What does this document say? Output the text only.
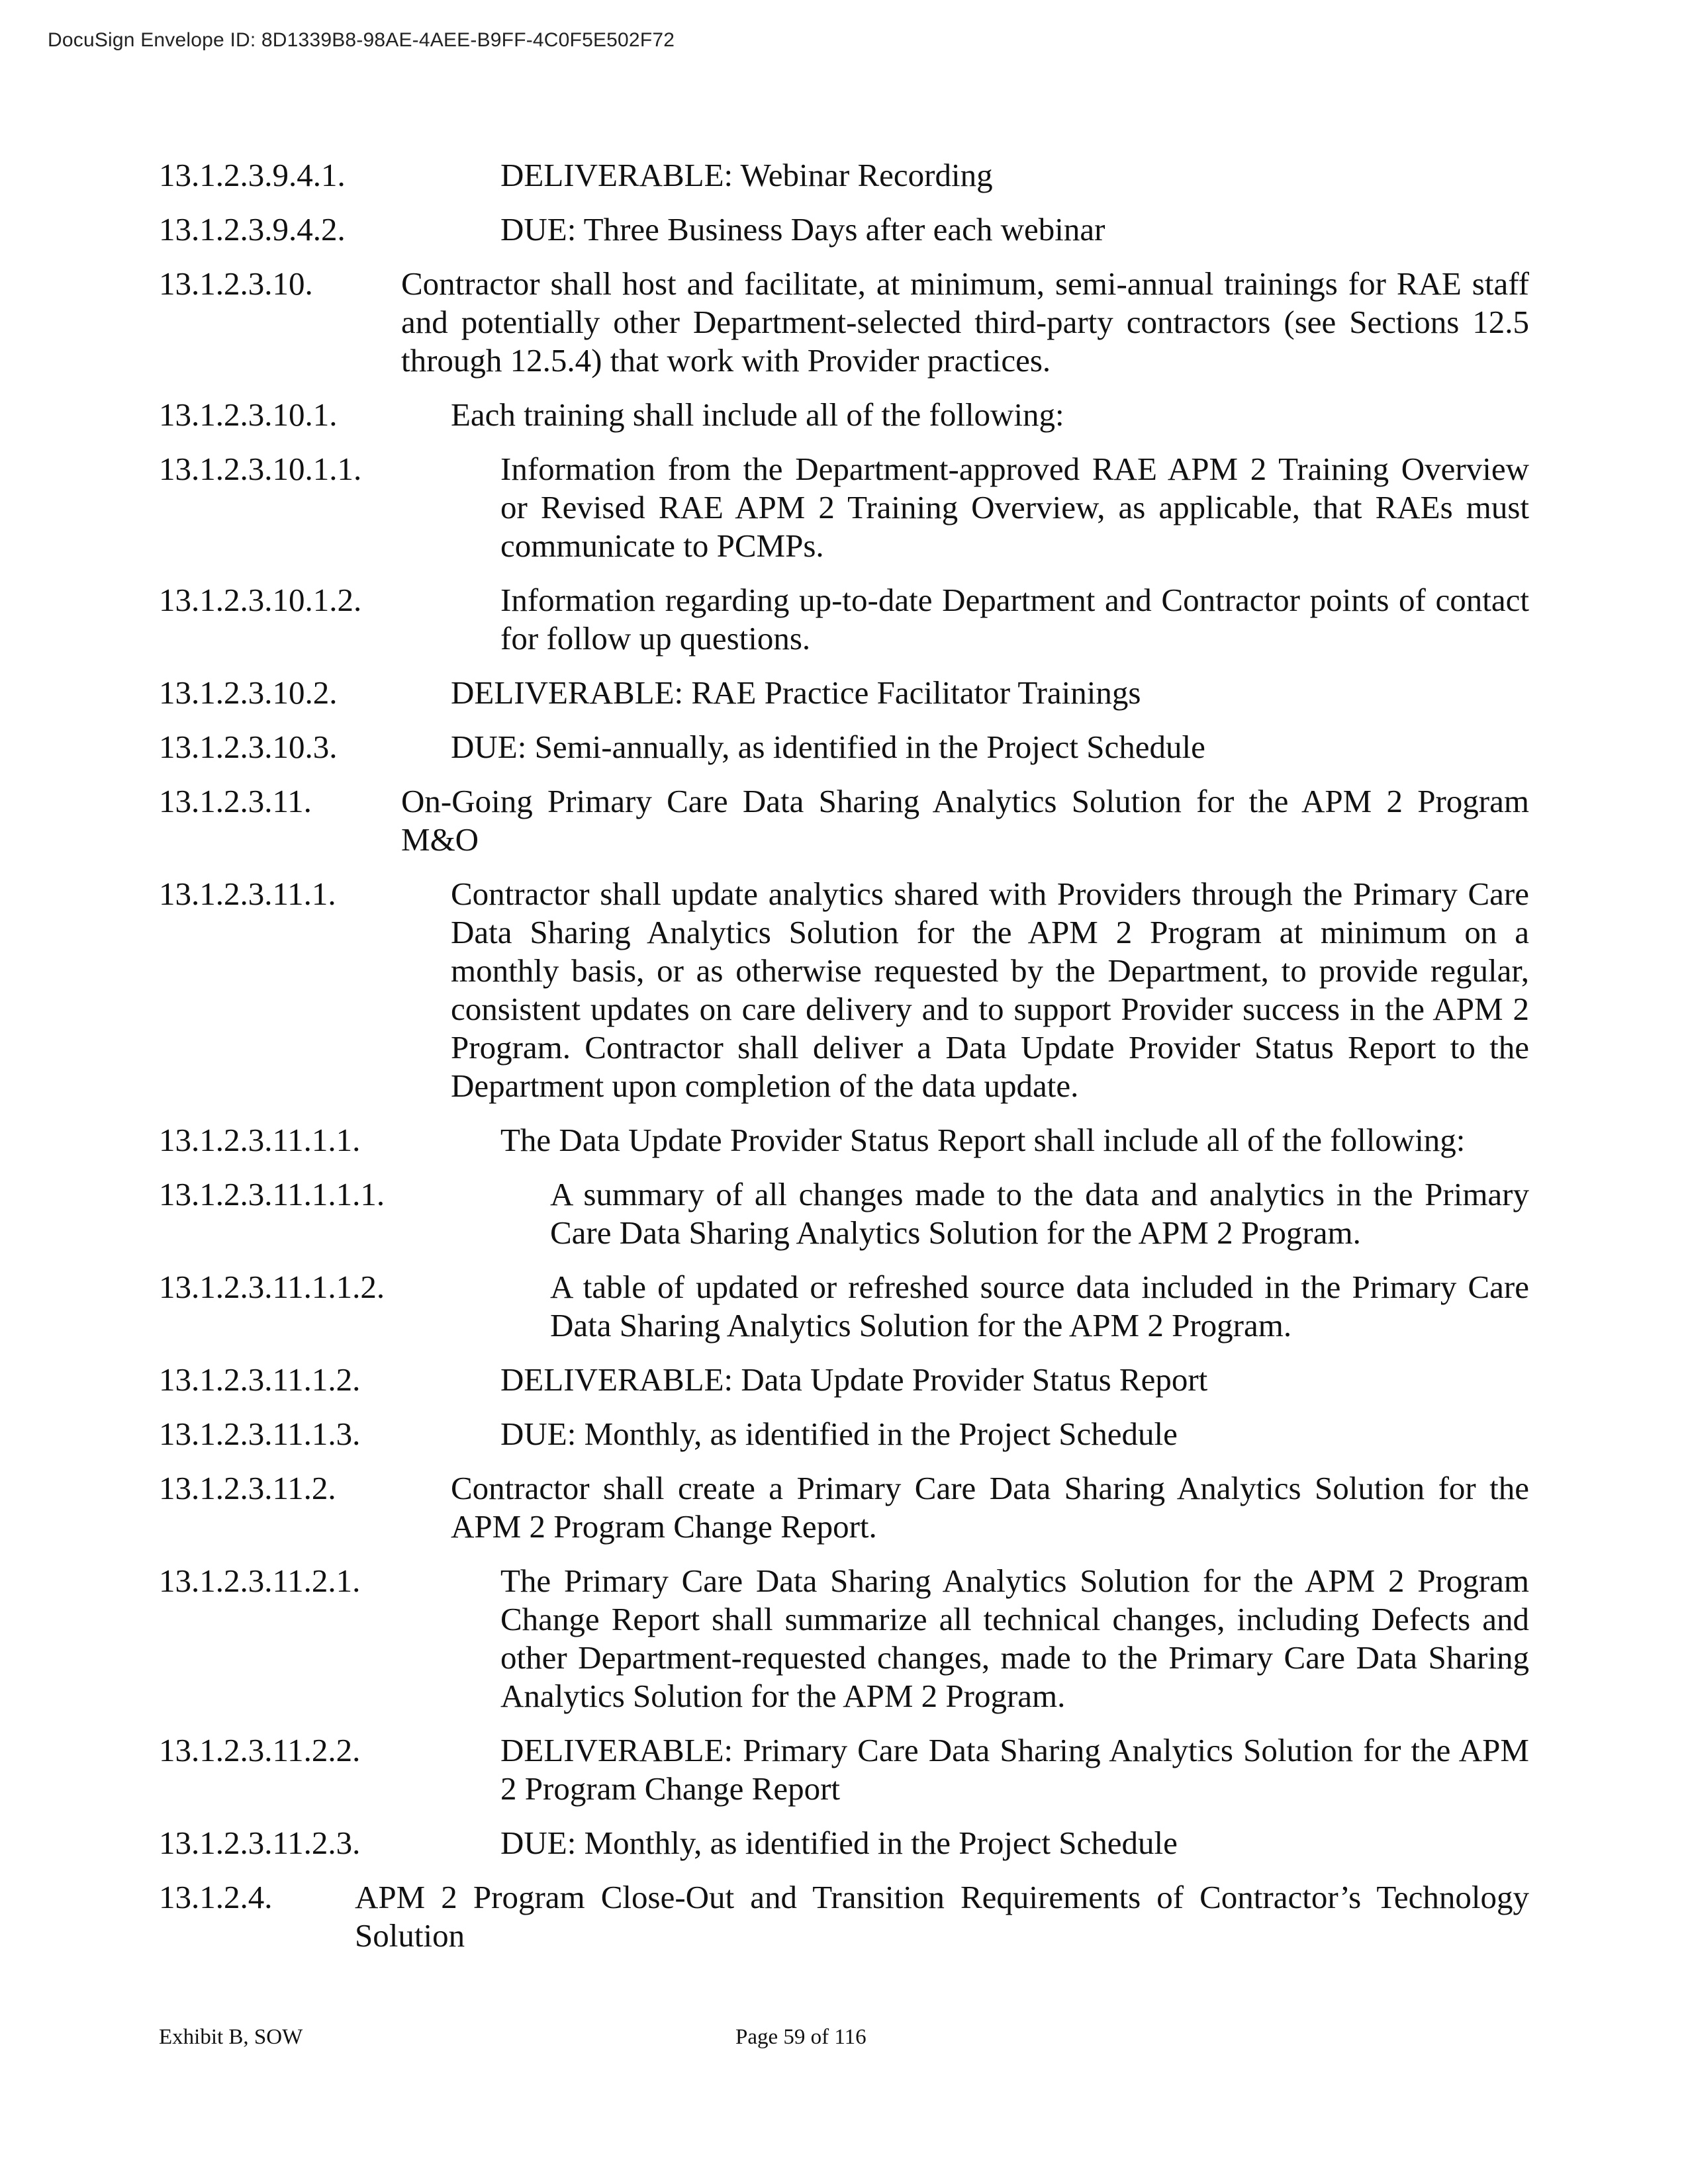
DocuSign Envelope ID: 8D1339B8-98AE-4AEE-B9FF-4C0F5E502F72
13.1.2.3.9.4.1.	DELIVERABLE: Webinar Recording
13.1.2.3.9.4.2.	DUE: Three Business Days after each webinar
13.1.2.3.10.	Contractor shall host and facilitate, at minimum, semi-annual trainings for RAE staff and potentially other Department-selected third-party contractors (see Sections 12.5 through 12.5.4) that work with Provider practices.
13.1.2.3.10.1.	Each training shall include all of the following:
13.1.2.3.10.1.1.	Information from the Department-approved RAE APM 2 Training Overview or Revised RAE APM 2 Training Overview, as applicable, that RAEs must communicate to PCMPs.
13.1.2.3.10.1.2.	Information regarding up-to-date Department and Contractor points of contact for follow up questions.
13.1.2.3.10.2.	DELIVERABLE: RAE Practice Facilitator Trainings
13.1.2.3.10.3.	DUE: Semi-annually, as identified in the Project Schedule
13.1.2.3.11.	On-Going Primary Care Data Sharing Analytics Solution for the APM 2 Program M&O
13.1.2.3.11.1.	Contractor shall update analytics shared with Providers through the Primary Care Data Sharing Analytics Solution for the APM 2 Program at minimum on a monthly basis, or as otherwise requested by the Department, to provide regular, consistent updates on care delivery and to support Provider success in the APM 2 Program. Contractor shall deliver a Data Update Provider Status Report to the Department upon completion of the data update.
13.1.2.3.11.1.1.	The Data Update Provider Status Report shall include all of the following:
13.1.2.3.11.1.1.1.	A summary of all changes made to the data and analytics in the Primary Care Data Sharing Analytics Solution for the APM 2 Program.
13.1.2.3.11.1.1.2.	A table of updated or refreshed source data included in the Primary Care Data Sharing Analytics Solution for the APM 2 Program.
13.1.2.3.11.1.2.	DELIVERABLE: Data Update Provider Status Report
13.1.2.3.11.1.3.	DUE: Monthly, as identified in the Project Schedule
13.1.2.3.11.2.	Contractor shall create a Primary Care Data Sharing Analytics Solution for the APM 2 Program Change Report.
13.1.2.3.11.2.1.	The Primary Care Data Sharing Analytics Solution for the APM 2 Program Change Report shall summarize all technical changes, including Defects and other Department-requested changes, made to the Primary Care Data Sharing Analytics Solution for the APM 2 Program.
13.1.2.3.11.2.2.	DELIVERABLE: Primary Care Data Sharing Analytics Solution for the APM 2 Program Change Report
13.1.2.3.11.2.3.	DUE: Monthly, as identified in the Project Schedule
13.1.2.4.	APM 2 Program Close-Out and Transition Requirements of Contractor’s Technology Solution
Exhibit B, SOW	Page 59 of 116
